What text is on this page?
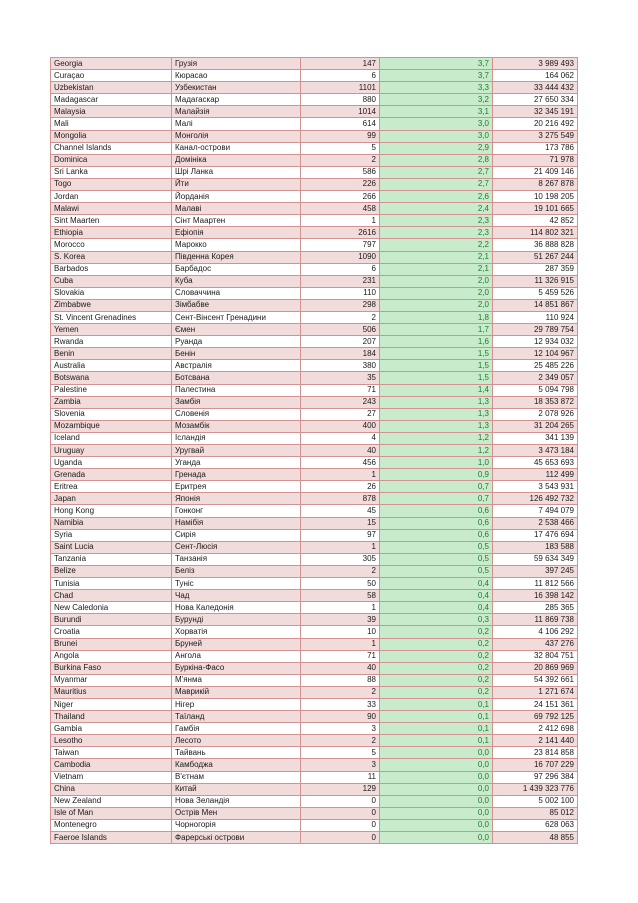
Georgia	Грузія	147	3,7	3 989 493
Curaçao	Кюрасао	6	3,7	164 062
Uzbekistan	Узбекистан	1101	3,3	33 444 432
Madagascar	Мадагаскар	880	3,2	27 650 334
Malaysia	Малайзія	1014	3,1	32 345 191
Mali	Малі	614	3,0	20 216 492
Mongolia	Монголія	99	3,0	3 275 549
Channel Islands	Канал-острови	5	2,9	173 786
Dominica	Домініка	2	2,8	71 978
Sri Lanka	Шрі Ланка	586	2,7	21 409 146
Togo	Йти	226	2,7	8 267 878
Jordan	Йорданія	266	2,6	10 198 205
Malawi	Малаві	458	2,4	19 101 665
Sint Maarten	Сінт Маартен	1	2,3	42 852
Ethiopia	Ефіопія	2616	2,3	114 802 321
Morocco	Марокко	797	2,2	36 888 828
S. Korea	Південна Корея	1090	2,1	51 267 244
Barbados	Барбадос	6	2,1	287 359
Cuba	Куба	231	2,0	11 326 915
Slovakia	Словаччина	110	2,0	5 459 526
Zimbabwe	Зімбабве	298	2,0	14 851 867
St. Vincent Grenadines	Сент-Вінсент Гренадини	2	1,8	110 924
Yemen	Ємен	506	1,7	29 789 754
Rwanda	Руанда	207	1,6	12 934 032
Benin	Бенін	184	1,5	12 104 967
Australia	Австралія	380	1,5	25 485 226
Botswana	Ботсвана	35	1,5	2 349 057
Palestine	Палестина	71	1,4	5 094 798
Zambia	Замбія	243	1,3	18 353 872
Slovenia	Словенія	27	1,3	2 078 926
Mozambique	Мозамбік	400	1,3	31 204 265
Iceland	Ісландія	4	1,2	341 139
Uruguay	Уругвай	40	1,2	3 473 184
Uganda	Уганда	456	1,0	45 653 693
Grenada	Гренада	1	0,9	112 499
Eritrea	Еритрея	26	0,7	3 543 931
Japan	Японія	878	0,7	126 492 732
Hong Kong	Гонконг	45	0,6	7 494 079
Namibia	Намібія	15	0,6	2 538 466
Syria	Сирія	97	0,6	17 476 694
Saint Lucia	Сент-Люсія	1	0,5	183 588
Tanzania	Танзанія	305	0,5	59 634 349
Belize	Беліз	2	0,5	397 245
Tunisia	Туніс	50	0,4	11 812 566
Chad	Чад	58	0,4	16 398 142
New Caledonia	Нова Каледонія	1	0,4	285 365
Burundi	Бурунді	39	0,3	11 869 738
Croatia	Хорватія	10	0,2	4 106 292
Brunei	Бруней	1	0,2	437 276
Angola	Ангола	71	0,2	32 804 751
Burkina Faso	Буркіна-Фасо	40	0,2	20 869 969
Myanmar	М'янма	88	0,2	54 392 661
Mauritius	Маврикій	2	0,2	1 271 674
Niger	Нігер	33	0,1	24 151 361
Thailand	Таїланд	90	0,1	69 792 125
Gambia	Гамбія	3	0,1	2 412 698
Lesotho	Лесото	2	0,1	2 141 440
Taiwan	Тайвань	5	0,0	23 814 858
Cambodia	Камбоджа	3	0,0	16 707 229
Vietnam	В'єтнам	11	0,0	97 296 384
China	Китай	129	0,0	1 439 323 776
New Zealand	Нова Зеландія	0	0,0	5 002 100
Isle of Man	Острів Мен	0	0,0	85 012
Montenegro	Чорногорія	0	0,0	628 063
Faeroe Islands	Фарерські острови	0	0,0	48 855
